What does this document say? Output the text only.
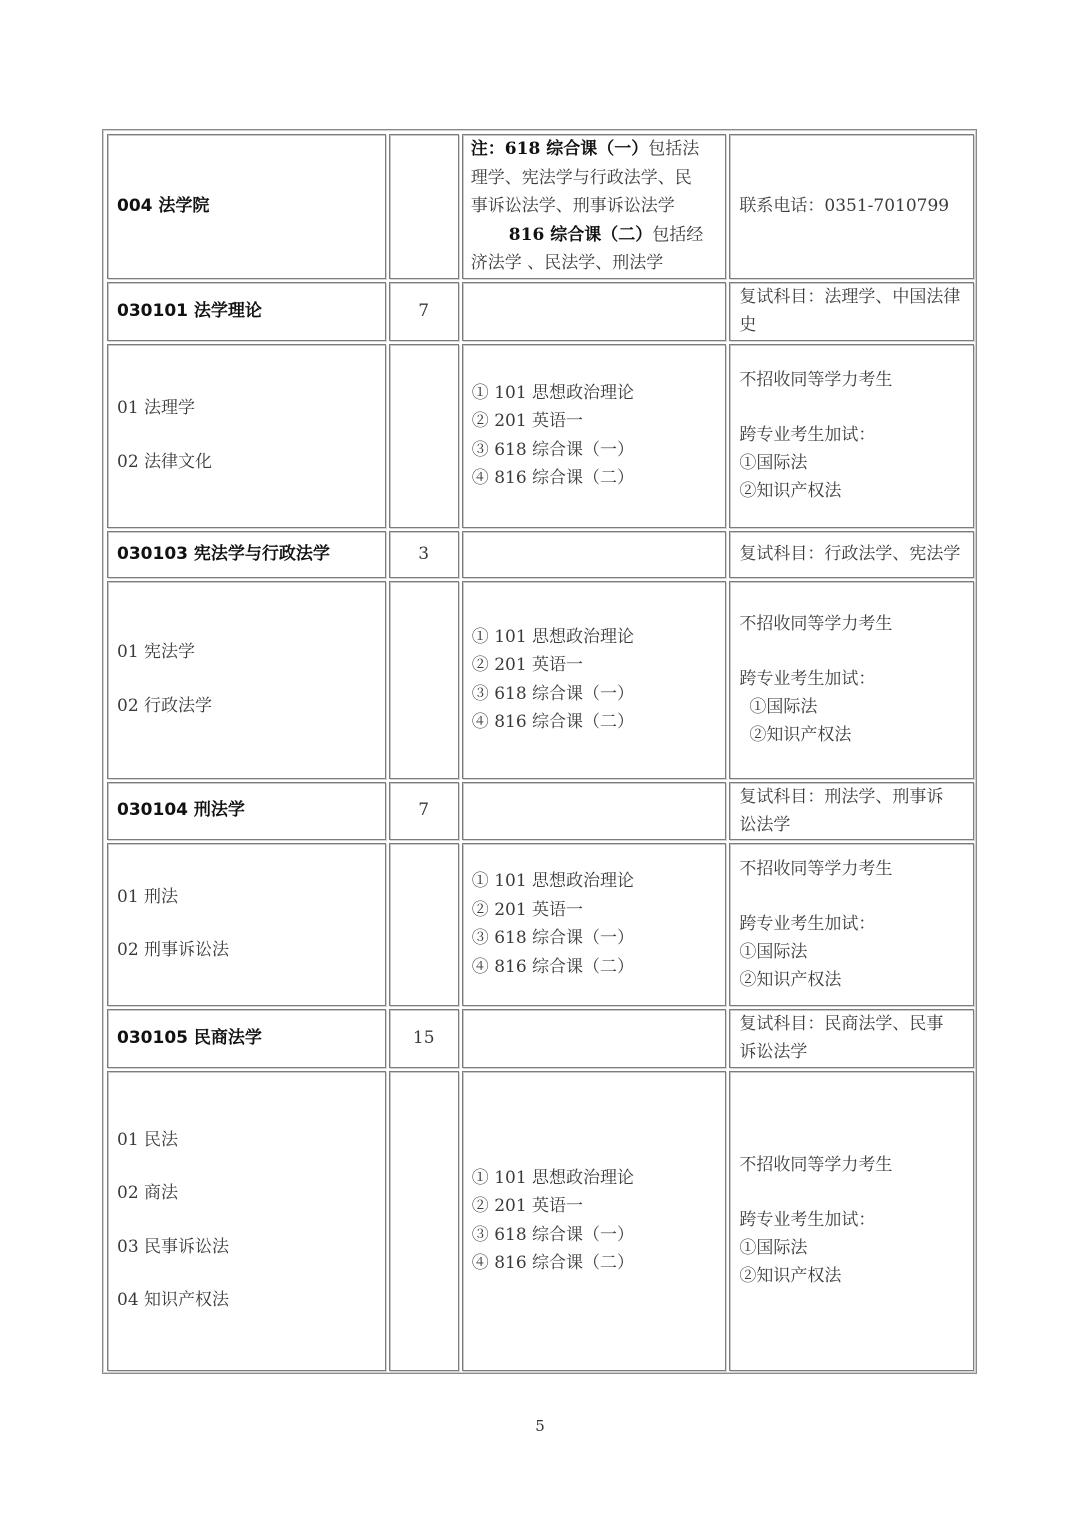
004 法学院		注：618 综合课（一）包括法
理学、宪法学与行政法学、民
事诉讼法学、刑事诉讼法学
816 综合课（二）包括经
济法学 、民法学、刑法学	联系电话：0351-7010799
030101 法学理论	7		复试科目：法理学、中国法律史

01 法理学
02 法律文化		① 101 思想政治理论
② 201 英语一
③ 618 综合课（一）
④ 816 综合课（二）	不招收同等学力考生
跨专业考生加试：
①国际法
②知识产权法

030103 宪法学与行政法学	3		复试科目：行政法学、宪法学

01 宪法学
02 行政法学		① 101 思想政治理论
② 201 英语一
③ 618 综合课（一）
④ 816 综合课（二）	不招收同等学力考生
跨专业考生加试：
①国际法
②知识产权法

030104 刑法学	7		复试科目：刑法学、刑事诉
讼法学

01 刑法
02 刑事诉讼法		① 101 思想政治理论
② 201 英语一
③ 618 综合课（一）
④ 816 综合课（二）	不招收同等学力考生
跨专业考生加试：
①国际法
②知识产权法

030105 民商法学	15		复试科目：民商法学、民事
诉讼法学

01 民法
02 商法
03 民事诉讼法
04 知识产权法		① 101 思想政治理论
② 201 英语一
③ 618 综合课（一）
④ 816 综合课（二）	不招收同等学力考生
跨专业考生加试：
①国际法
②知识产权法
5
